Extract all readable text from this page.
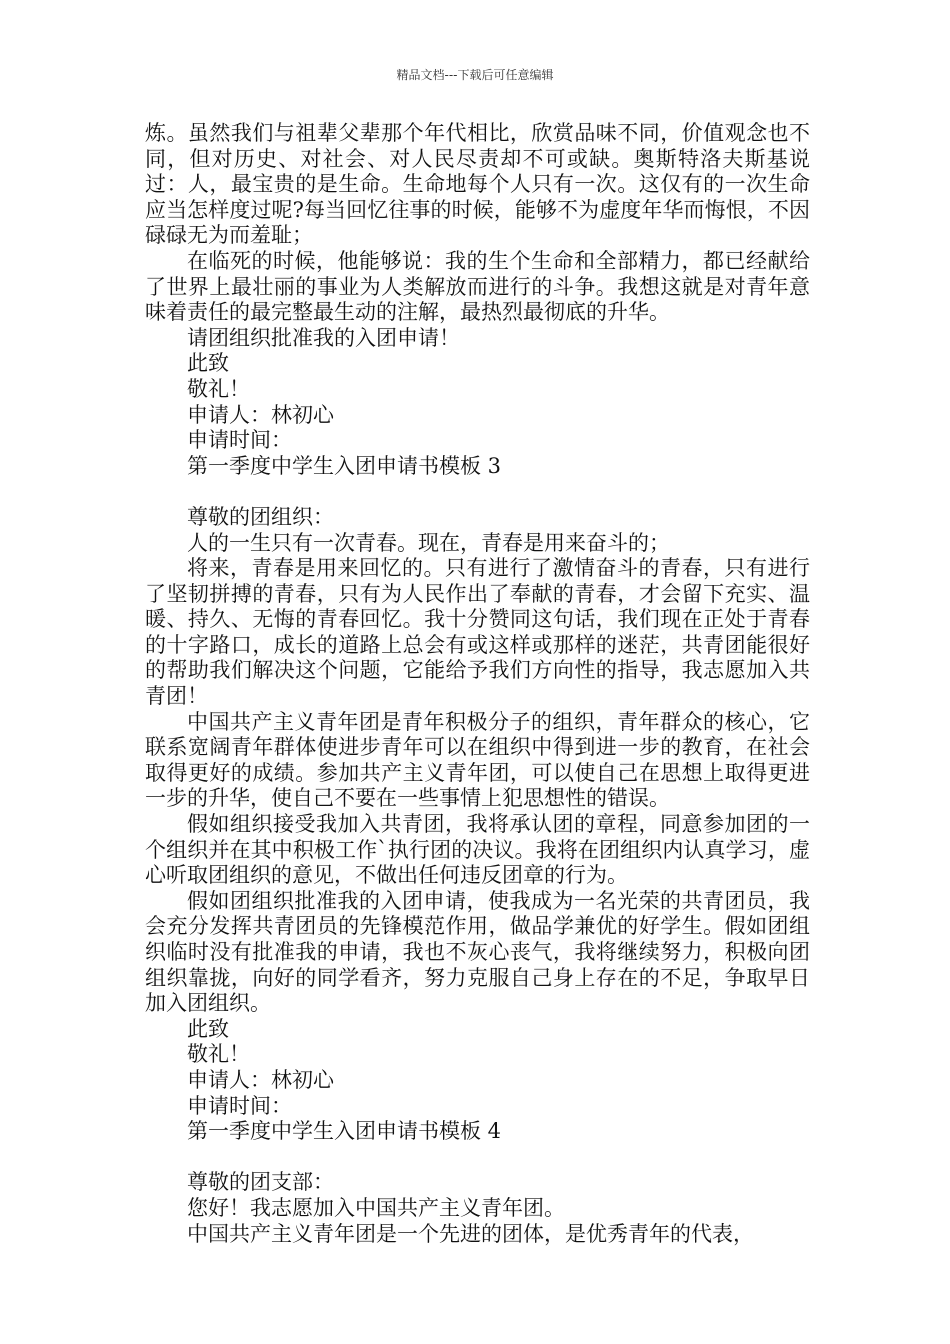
精品文档---下载后可任意编辑
炼。虽然我们与祖辈父辈那个年代相比，欣赏品味不同，价值观念也不同，但对历史、对社会、对人民尽责却不可或缺。奥斯特洛夫斯基说过：人，最宝贵的是生命。生命地每个人只有一次。这仅有的一次生命应当怎样度过呢?每当回忆往事的时候，能够不为虚度年华而悔恨，不因碌碌无为而羞耻；
在临死的时候，他能够说：我的生个生命和全部精力，都已经献给了世界上最壮丽的事业为人类解放而进行的斗争。我想这就是对青年意味着责任的最完整最生动的注解，最热烈最彻底的升华。
请团组织批准我的入团申请！
此致
敬礼！
申请人：林初心
申请时间：
第一季度中学生入团申请书模板 3
尊敬的团组织：
人的一生只有一次青春。现在，青春是用来奋斗的；
将来，青春是用来回忆的。只有进行了激情奋斗的青春，只有进行了坚韧拼搏的青春，只有为人民作出了奉献的青春，才会留下充实、温暖、持久、无悔的青春回忆。我十分赞同这句话，我们现在正处于青春的十字路口，成长的道路上总会有或这样或那样的迷茫，共青团能很好的帮助我们解决这个问题，它能给予我们方向性的指导，我志愿加入共青团！
中国共产主义青年团是青年积极分子的组织，青年群众的核心，它联系宽阔青年群体使进步青年可以在组织中得到进一步的教育，在社会取得更好的成绩。参加共产主义青年团，可以使自己在思想上取得更进一步的升华，使自己不要在一些事情上犯思想性的错误。
假如组织接受我加入共青团，我将承认团的章程，同意参加团的一个组织并在其中积极工作`执行团的决议。我将在团组织内认真学习，虚心听取团组织的意见，不做出任何违反团章的行为。
假如团组织批准我的入团申请，使我成为一名光荣的共青团员，我会充分发挥共青团员的先锋模范作用，做品学兼优的好学生。假如团组织临时没有批准我的申请，我也不灰心丧气，我将继续努力，积极向团组织靠拢，向好的同学看齐，努力克服自己身上存在的不足，争取早日加入团组织。
此致
敬礼！
申请人：林初心
申请时间：
第一季度中学生入团申请书模板 4
尊敬的团支部：
您好！我志愿加入中国共产主义青年团。
中国共产主义青年团是一个先进的团体，是优秀青年的代表，
